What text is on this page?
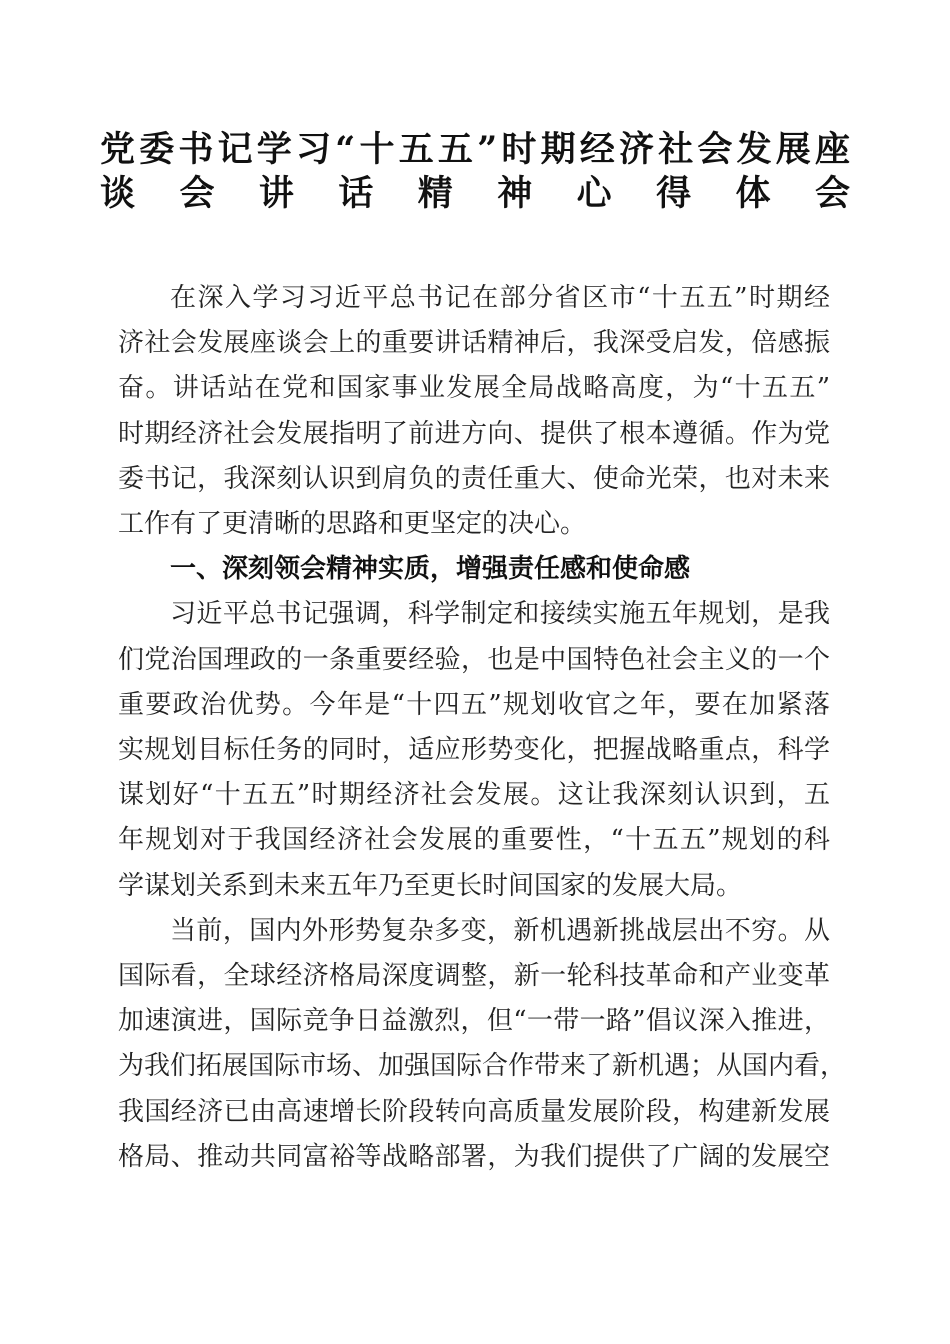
党委书记学习“十五五”时期经济社会发展座
谈会讲话精神心得体会

在深入学习习近平总书记在部分省区市“十五五”时期经
济社会发展座谈会上的重要讲话精神后，我深受启发，倍感振
奋。讲话站在党和国家事业发展全局战略高度，为“十五五”
时期经济社会发展指明了前进方向、提供了根本遵循。作为党
委书记，我深刻认识到肩负的责任重大、使命光荣，也对未来
工作有了更清晰的思路和更坚定的决心。

一、深刻领会精神实质，增强责任感和使命感

习近平总书记强调，科学制定和接续实施五年规划，是我
们党治国理政的一条重要经验，也是中国特色社会主义的一个
重要政治优势。今年是“十四五”规划收官之年，要在加紧落
实规划目标任务的同时，适应形势变化，把握战略重点，科学
谋划好“十五五”时期经济社会发展。这让我深刻认识到，五
年规划对于我国经济社会发展的重要性，“十五五”规划的科
学谋划关系到未来五年乃至更长时间国家的发展大局。

当前，国内外形势复杂多变，新机遇新挑战层出不穷。从
国际看，全球经济格局深度调整，新一轮科技革命和产业变革
加速演进，国际竞争日益激烈，但“一带一路”倡议深入推进，
为我们拓展国际市场、加强国际合作带来了新机遇；从国内看，
我国经济已由高速增长阶段转向高质量发展阶段，构建新发展
格局、推动共同富裕等战略部署，为我们提供了广阔的发展空
